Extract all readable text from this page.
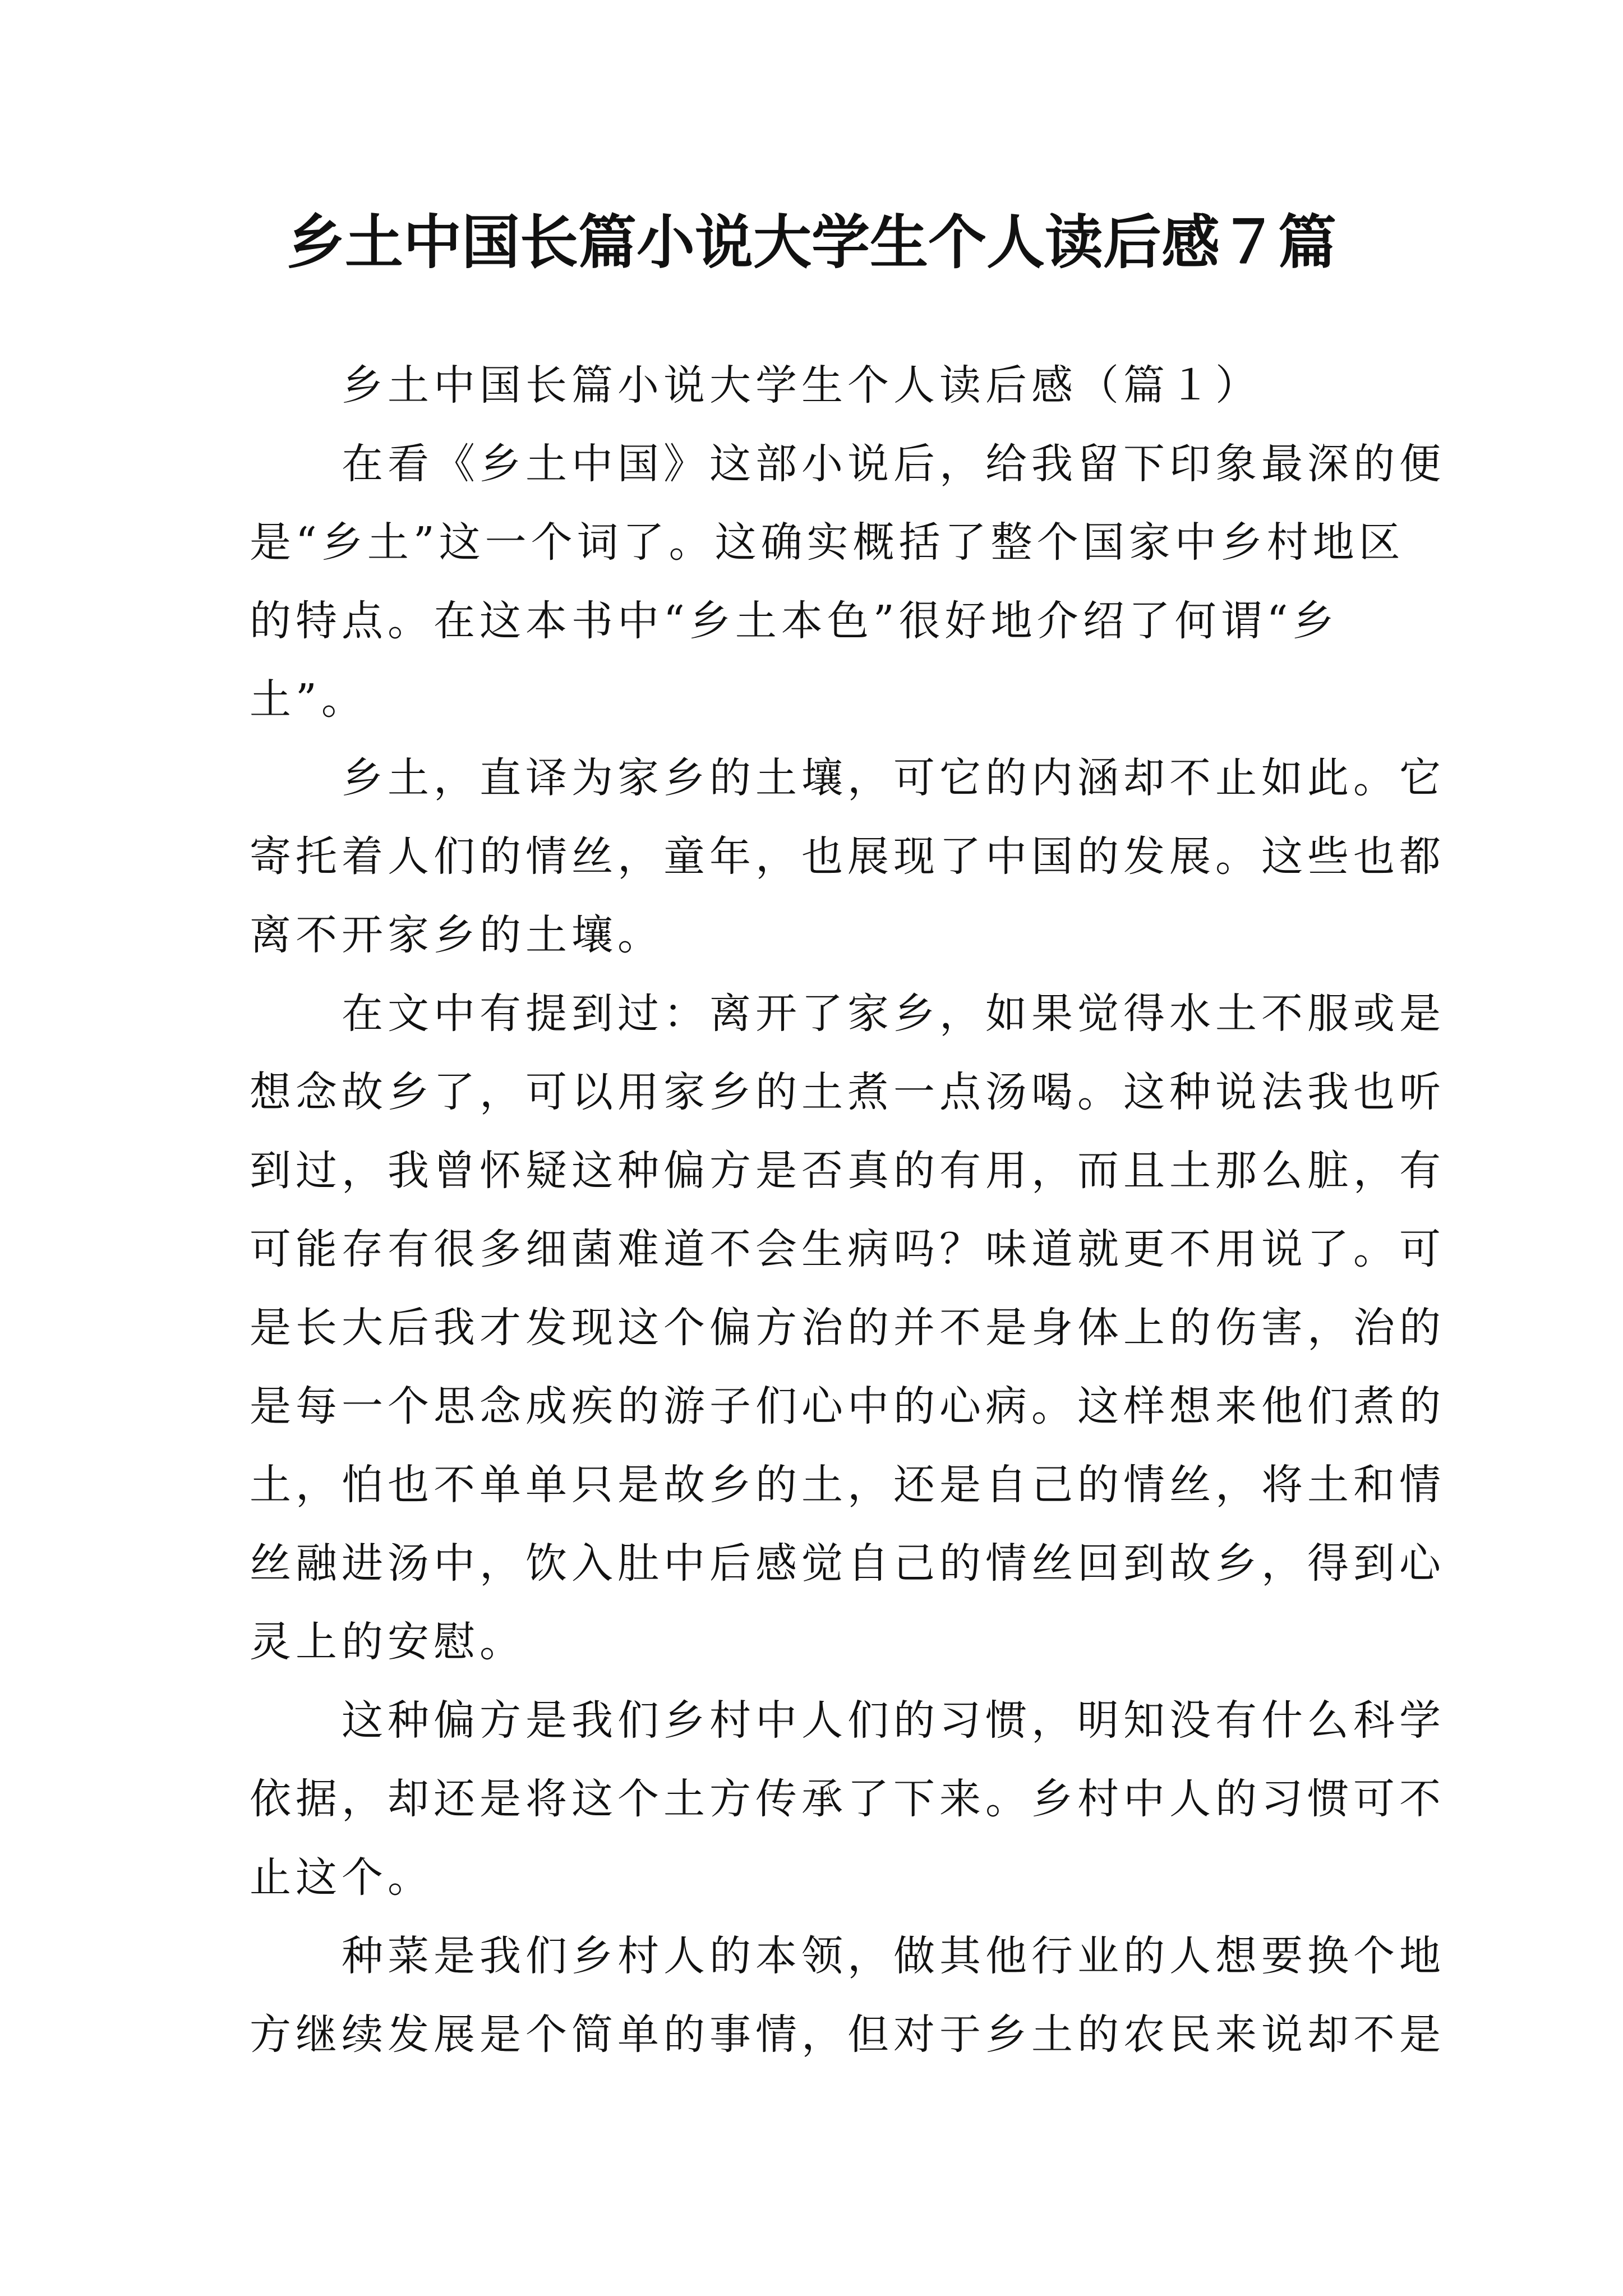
乡土中国长篇小说大学生个人读后感７篇
乡土中国长篇小说大学生个人读后感（篇１）

在看《乡土中国》这部小说后，给我留下印象最深的便
是“乡土”这一个词了。这确实概括了整个国家中乡村地区
的特点。在这本书中“乡土本色”很好地介绍了何谓“乡
土”。

乡土，直译为家乡的土壤，可它的内涵却不止如此。它
寄托着人们的情丝，童年，也展现了中国的发展。这些也都
离不开家乡的土壤。

在文中有提到过：离开了家乡，如果觉得水土不服或是
想念故乡了，可以用家乡的土煮一点汤喝。这种说法我也听
到过，我曾怀疑这种偏方是否真的有用，而且土那么脏，有
可能存有很多细菌难道不会生病吗？味道就更不用说了。可
是长大后我才发现这个偏方治的并不是身体上的伤害，治的
是每一个思念成疾的游子们心中的心病。这样想来他们煮的
土，怕也不单单只是故乡的土，还是自己的情丝，将土和情
丝融进汤中，饮入肚中后感觉自己的情丝回到故乡，得到心
灵上的安慰。

这种偏方是我们乡村中人们的习惯，明知没有什么科学
依据，却还是将这个土方传承了下来。乡村中人的习惯可不
止这个。

种菜是我们乡村人的本领，做其他行业的人想要换个地
方继续发展是个简单的事情，但对于乡土的农民来说却不是
